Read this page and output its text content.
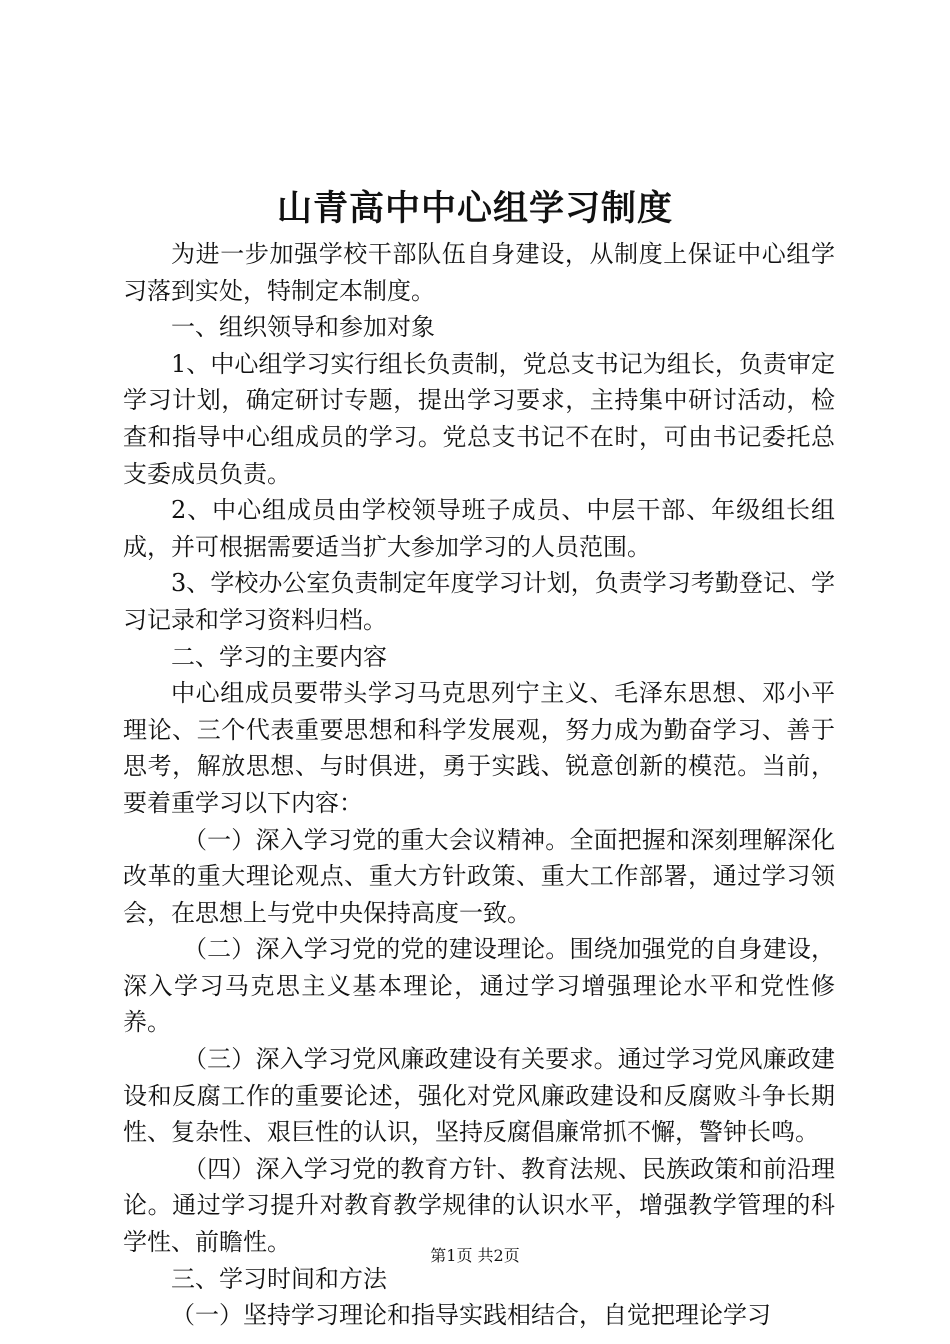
山青高中中心组学习制度

为进一步加强学校干部队伍自身建设，从制度上保证中心组学习落到实处，特制定本制度。

一、组织领导和参加对象

1、中心组学习实行组长负责制，党总支书记为组长，负责审定学习计划，确定研讨专题，提出学习要求，主持集中研讨活动，检查和指导中心组成员的学习。党总支书记不在时，可由书记委托总支委成员负责。

2、中心组成员由学校领导班子成员、中层干部、年级组长组成，并可根据需要适当扩大参加学习的人员范围。

3、学校办公室负责制定年度学习计划，负责学习考勤登记、学习记录和学习资料归档。

二、学习的主要内容

中心组成员要带头学习马克思列宁主义、毛泽东思想、邓小平理论、三个代表重要思想和科学发展观，努力成为勤奋学习、善于思考，解放思想、与时俱进，勇于实践、锐意创新的模范。当前，要着重学习以下内容：

（一）深入学习党的重大会议精神。全面把握和深刻理解深化改革的重大理论观点、重大方针政策、重大工作部署，通过学习领会，在思想上与党中央保持高度一致。

（二）深入学习党的党的建设理论。围绕加强党的自身建设，深入学习马克思主义基本理论，通过学习增强理论水平和党性修养。

（三）深入学习党风廉政建设有关要求。通过学习党风廉政建设和反腐工作的重要论述，强化对党风廉政建设和反腐败斗争长期性、复杂性、艰巨性的认识，坚持反腐倡廉常抓不懈，警钟长鸣。

（四）深入学习党的教育方针、教育法规、民族政策和前沿理论。通过学习提升对教育教学规律的认识水平，增强教学管理的科学性、前瞻性。

三、学习时间和方法

（一）坚持学习理论和指导实践相结合，自觉把理论学习

第1页 共2页
